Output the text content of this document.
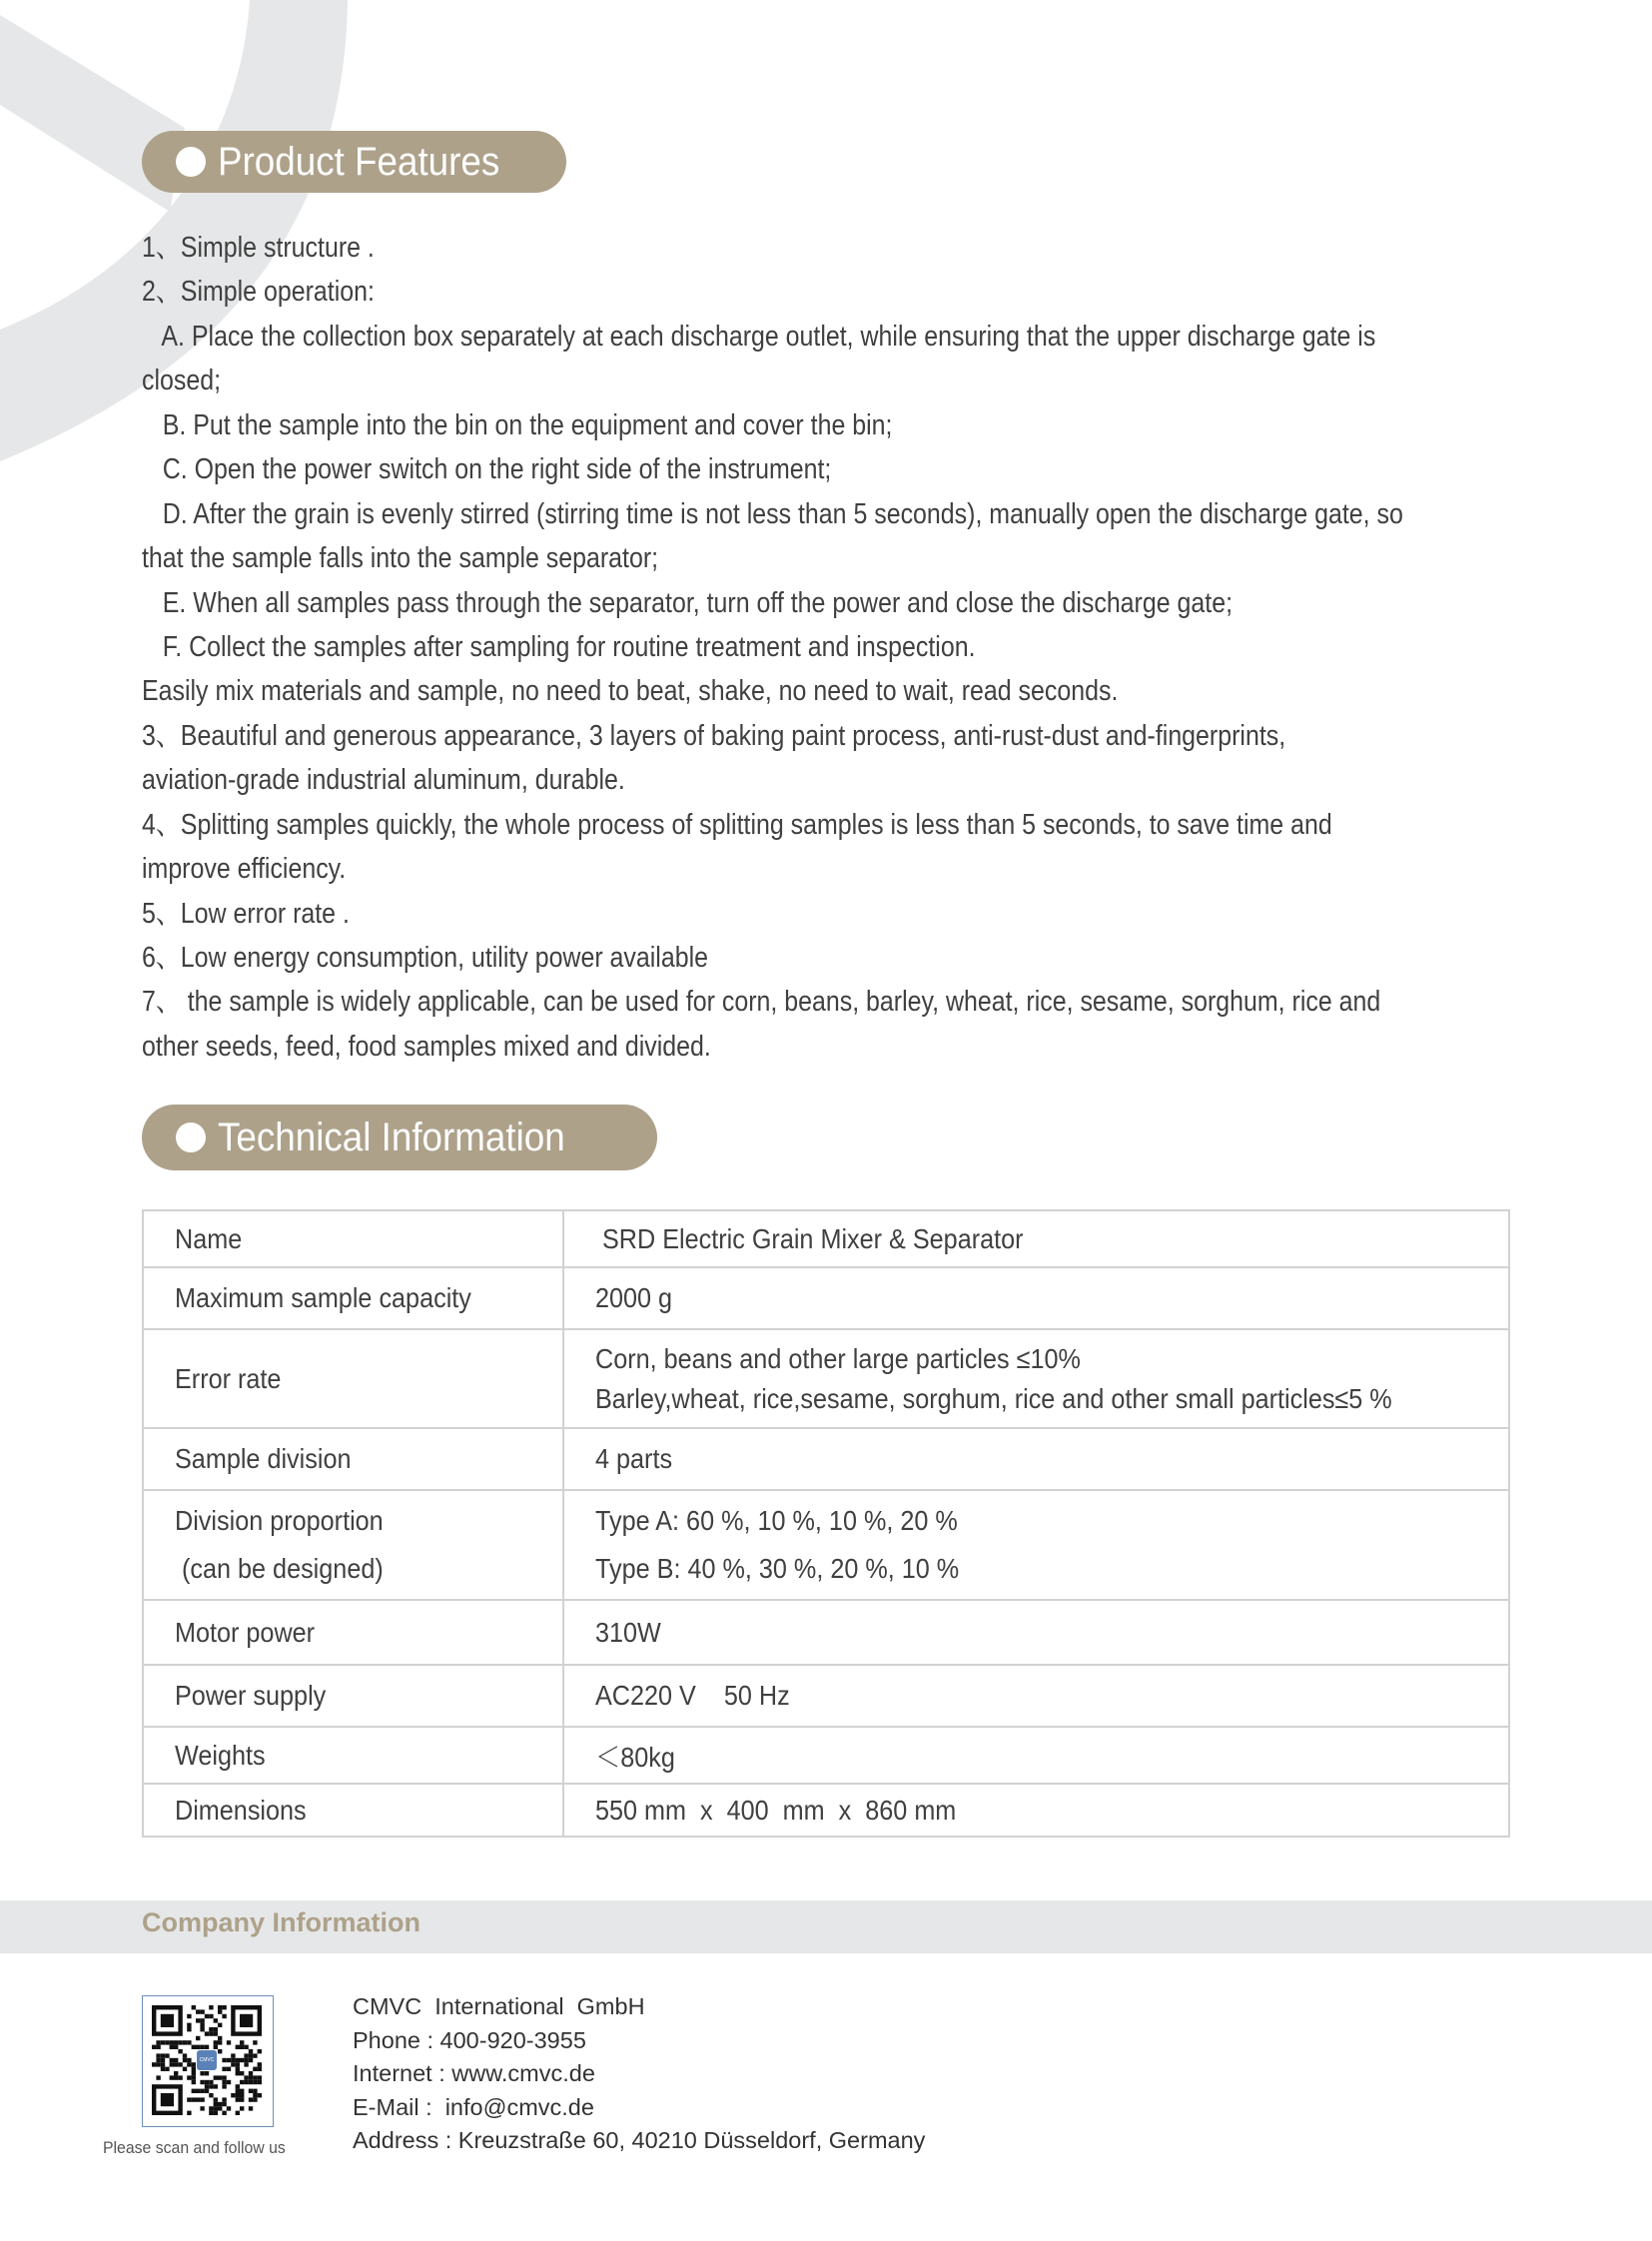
Product Features
1、Simple structure .
2、Simple operation:
A. Place the collection box separately at each discharge outlet, while ensuring that the upper discharge gate is
closed;
B. Put the sample into the bin on the equipment and cover the bin;
C. Open the power switch on the right side of the instrument;
D. After the grain is evenly stirred (stirring time is not less than 5 seconds), manually open the discharge gate, so
that the sample falls into the sample separator;
E. When all samples pass through the separator, turn off the power and close the discharge gate;
F. Collect the samples after sampling for routine treatment and inspection.
Easily mix materials and sample, no need to beat, shake, no need to wait, read seconds.
3、Beautiful and generous appearance, 3 layers of baking paint process, anti-rust-dust and-fingerprints,
aviation-grade industrial aluminum, durable.
4、Splitting samples quickly, the whole process of splitting samples is less than 5 seconds, to save time and
improve efficiency.
5、Low error rate .
6、Low energy consumption, utility power available
7、 the sample is widely applicable, can be used for corn, beans, barley, wheat, rice, sesame, sorghum, rice and
other seeds, feed, food samples mixed and divided.
Technical Information
Name	SRD Electric Grain Mixer & Separator

Maximum sample capacity	2000 g

Error rate	Corn, beans and other large particles ≤10%
Barley,wheat, rice,sesame, sorghum, rice and other small particles≤5 %

Sample division	4 parts

Division proportion
(can be designed)	Type A: 60 %, 10 %, 10 %, 20 %
Type B: 40 %, 30 %, 20 %, 10 %

Motor power	310W

Power supply	AC220 V    50 Hz

Weights	＜80kg

Dimensions	550 mm  x  400  mm  x  860 mm
Company Information
CMVC
Please scan and follow us
CMVC  International  GmbH
Phone : 400-920-3955
Internet : www.cmvc.de
E-Mail :  info@cmvc.de
Address : Kreuzstraße 60, 40210 Düsseldorf, Germany
